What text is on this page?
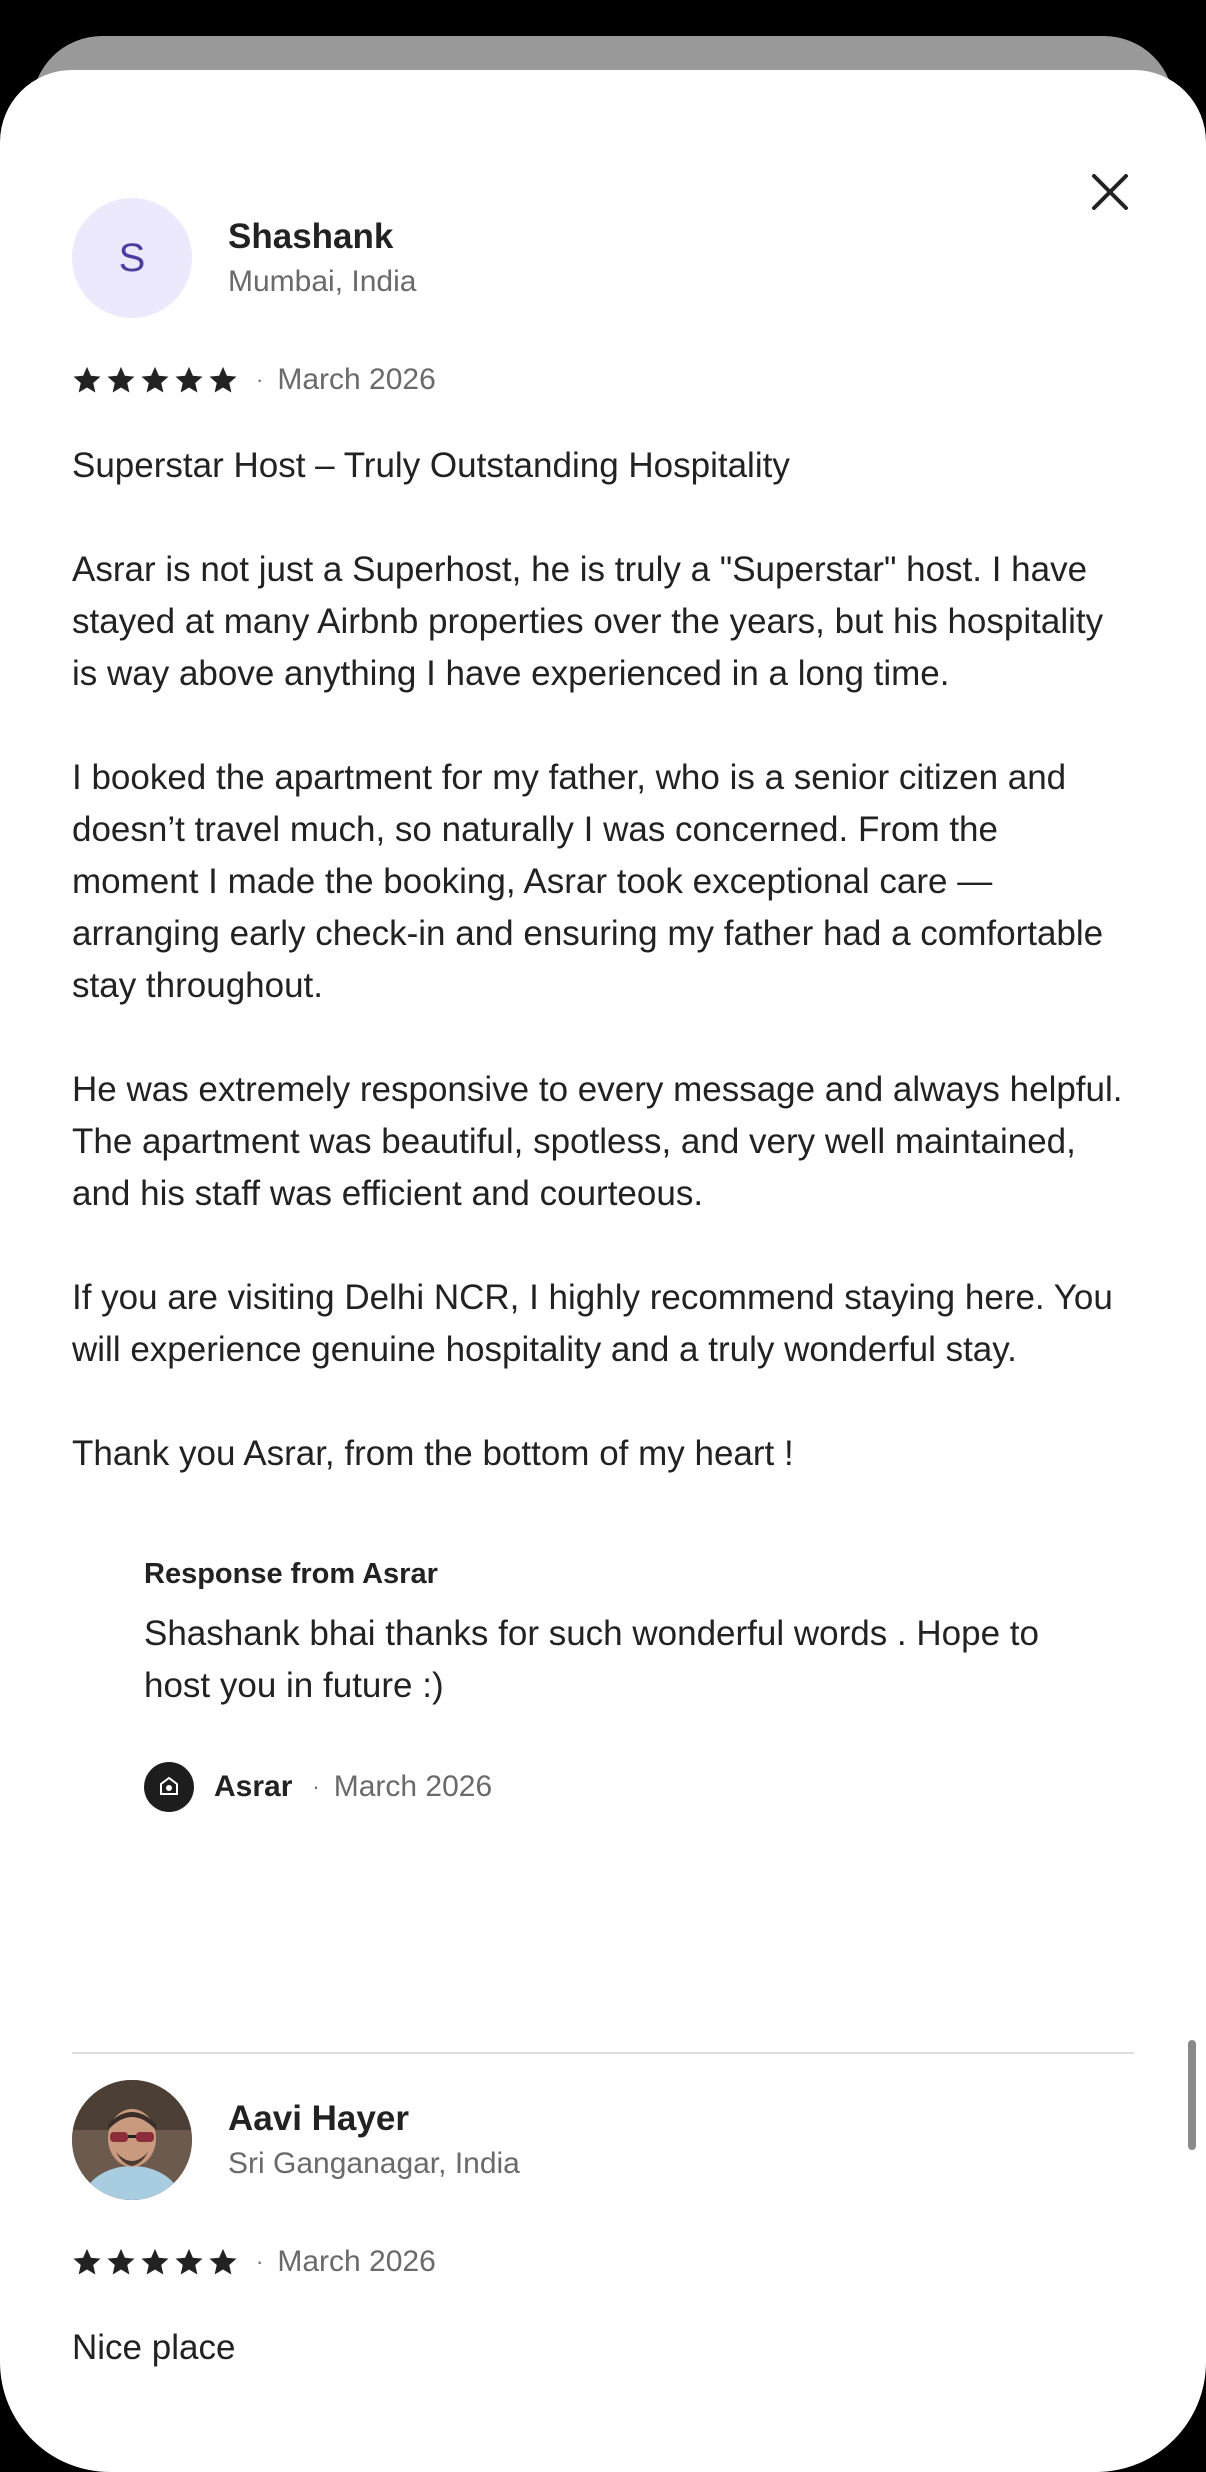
S Shashank
Mumbai, India
· March 2026
Superstar Host – Truly Outstanding Hospitality

Asrar is not just a Superhost, he is truly a "Superstar" host. I have stayed at many Airbnb properties over the years, but his hospitality is way above anything I have experienced in a long time.

I booked the apartment for my father, who is a senior citizen and doesn’t travel much, so naturally I was concerned. From the moment I made the booking, Asrar took exceptional care — arranging early check-in and ensuring my father had a comfortable stay throughout.

He was extremely responsive to every message and always helpful. The apartment was beautiful, spotless, and very well maintained, and his staff was efficient and courteous.

If you are visiting Delhi NCR, I highly recommend staying here. You will experience genuine hospitality and a truly wonderful stay.

Thank you Asrar, from the bottom of my heart !
Response from Asrar
Shashank bhai thanks for such wonderful words . Hope to host you in future :)
Asrar · March 2026
Aavi Hayer
Sri Ganganagar, India
· March 2026
Nice place
